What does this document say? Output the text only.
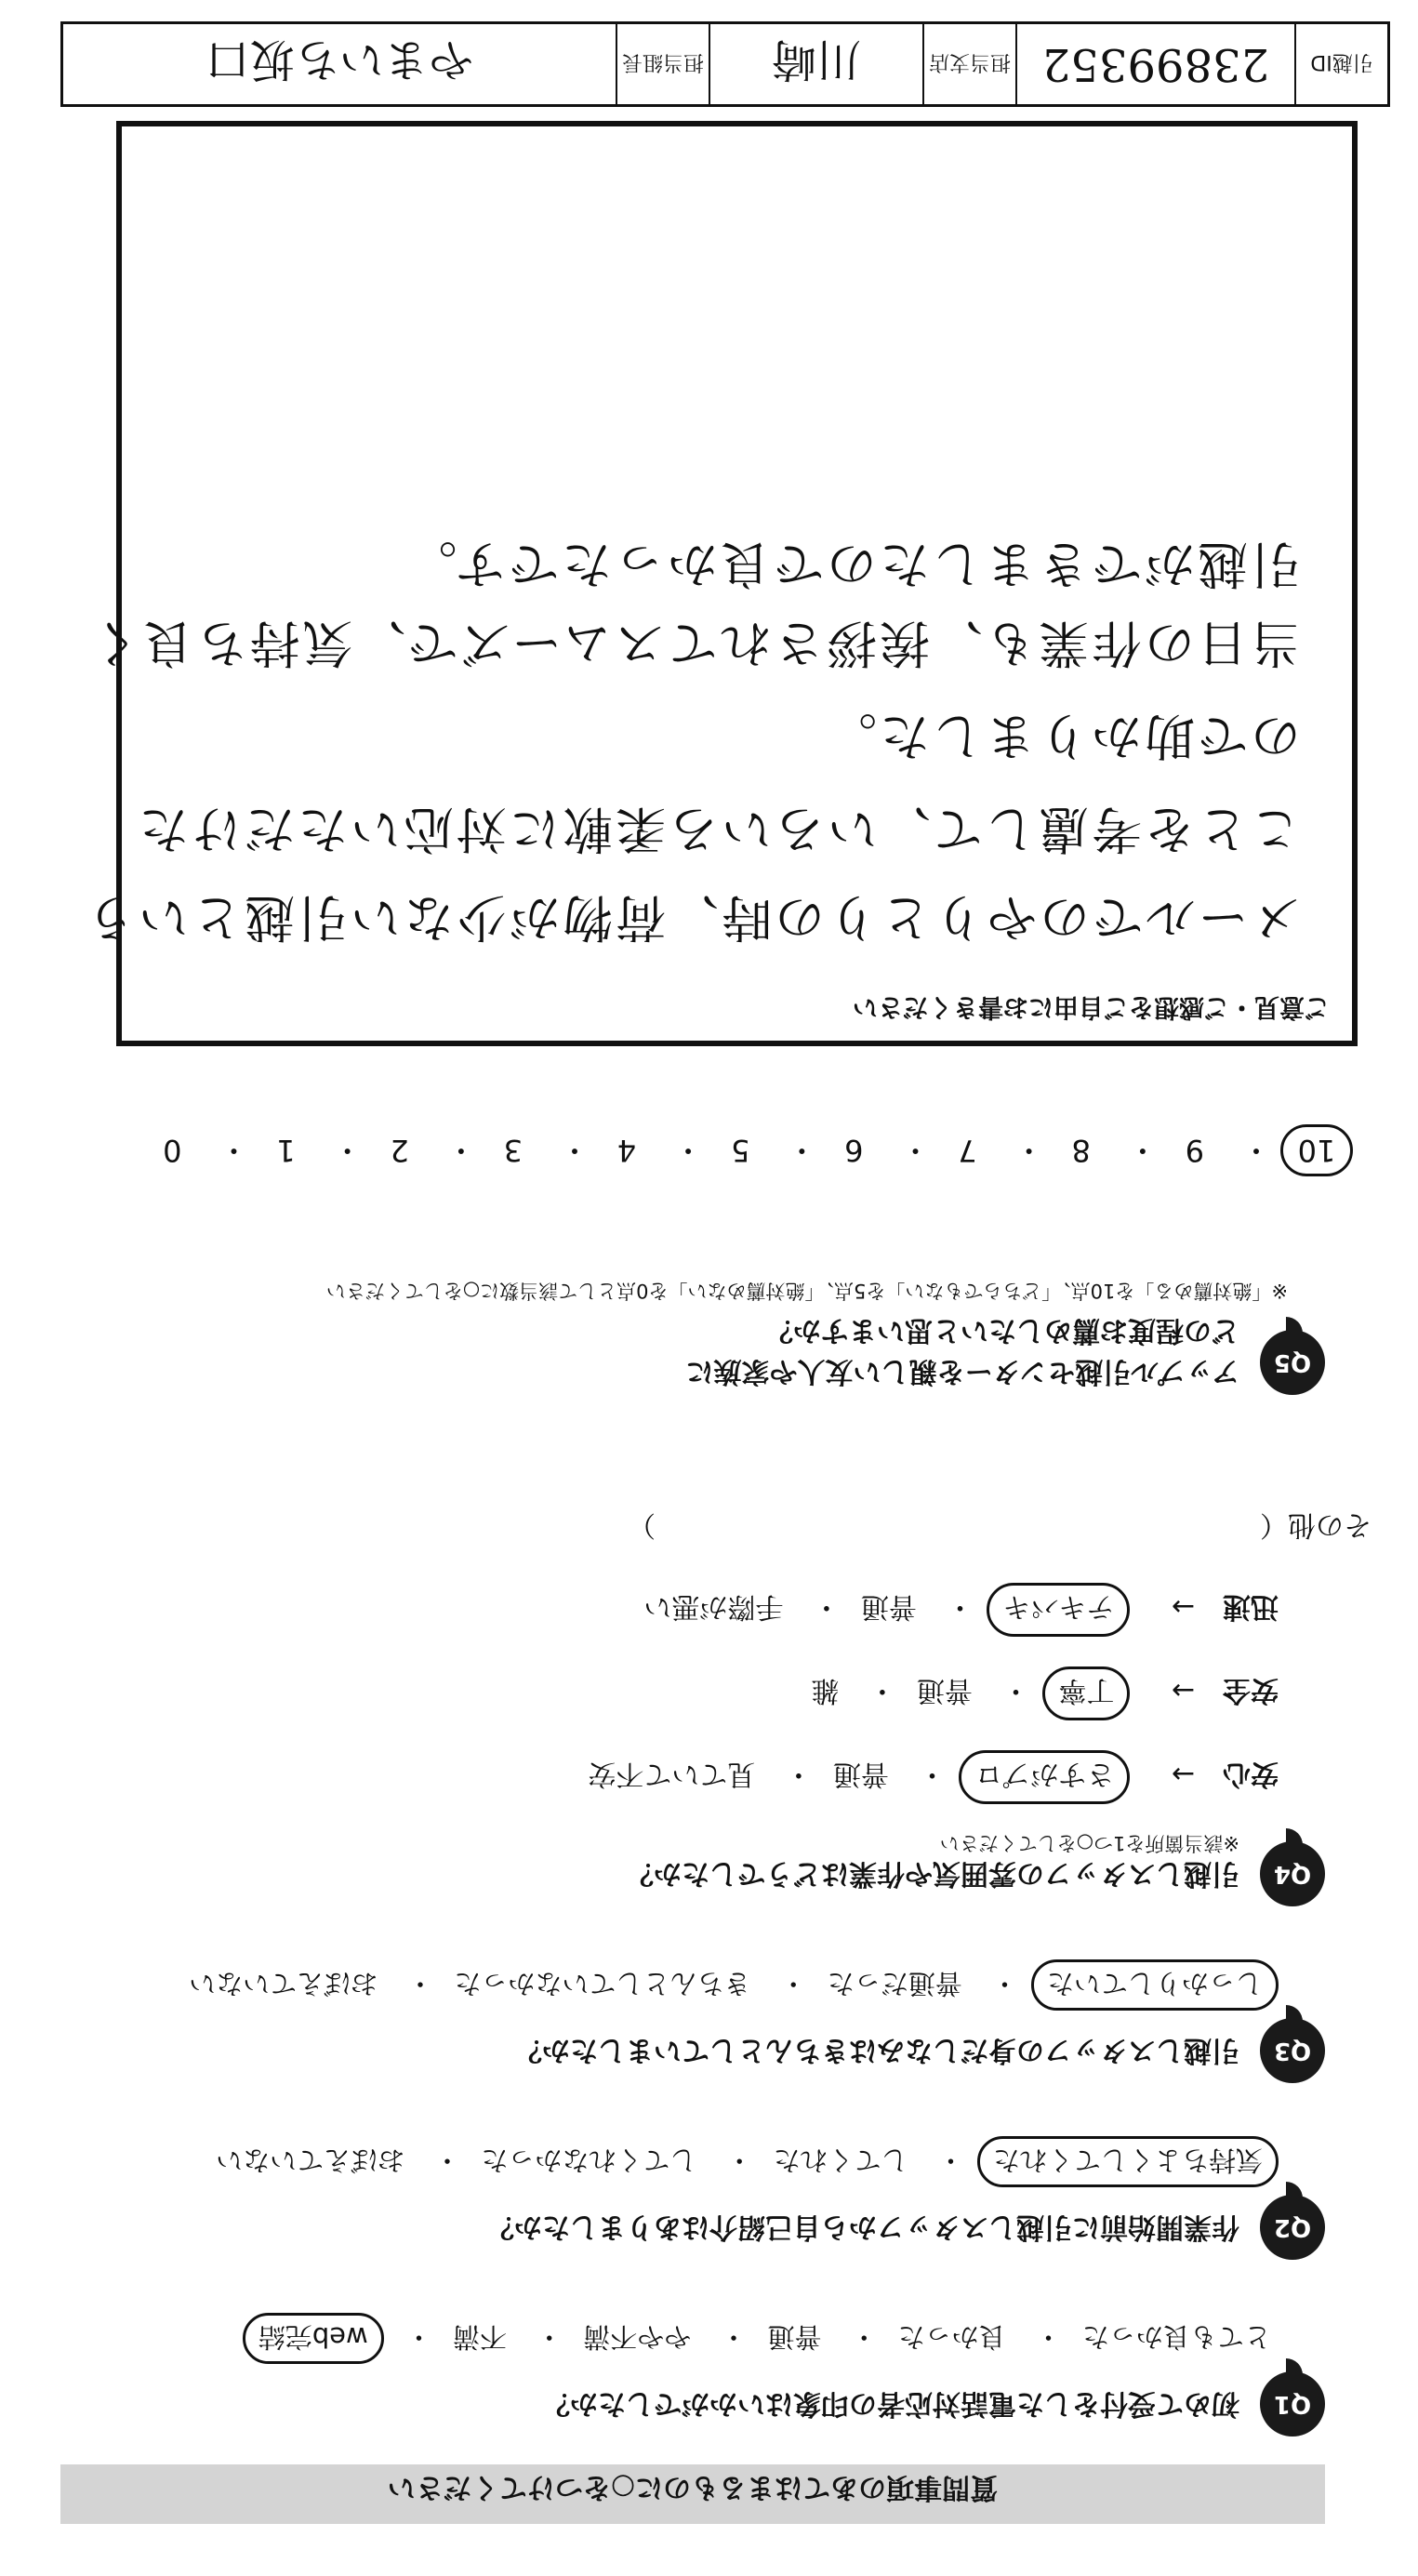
質問事項のあてはまるものに○をつけてください
Q1
初めて受付をした電話対応者の印象はいかがでしたか？
とても良かった・ 良かった・ 普通・ やや不満・ 不満・ web完結
Q2
作業開始前に引越しスタッフから自己紹介はありましたか？
気持ちよくしてくれた・ してくれた・ してくれなかった・ おぼえていない
Q3
引越しスタッフの身だしなみはきちんとしていましたか？
しっかりしていた・ 普通だった・ きちんとしていなかった・ おぼえていない
Q4
引越しスタッフの雰囲気や作業はどうでしたか？
※該当箇所を1つ○をしてください
安心→ さすがプロ・ 普通・ 見ていて不安
安全→ 丁寧・ 普通・ 雑
迅速→ テキパキ・ 普通・ 手際が悪い
その他（）
Q5
アップル引越センターを親しい友人や家族に
どの程度お薦めしたいと思いますか？
※「絶対薦める」を10点、「どちらでもない」を5点、「絶対薦めない」を0点として該当数に○をしてください
10・ 9・ 8・ 7・ 6・ 5・ 4・ 3・ 2・ 1・ 0
ご意見・ご感想をご自由にお書きください
メールでのやりとりの時、荷物が少ない引越という
ことを考慮して、いろいろ柔軟に対応いただけた
ので助かりました。
当日の作業も、挨拶されてスムーズで、気持ち良く
引越ができましたので良かったです。
引越ID
23899352
担当支店
川崎
担当組長
やまいち坂口
